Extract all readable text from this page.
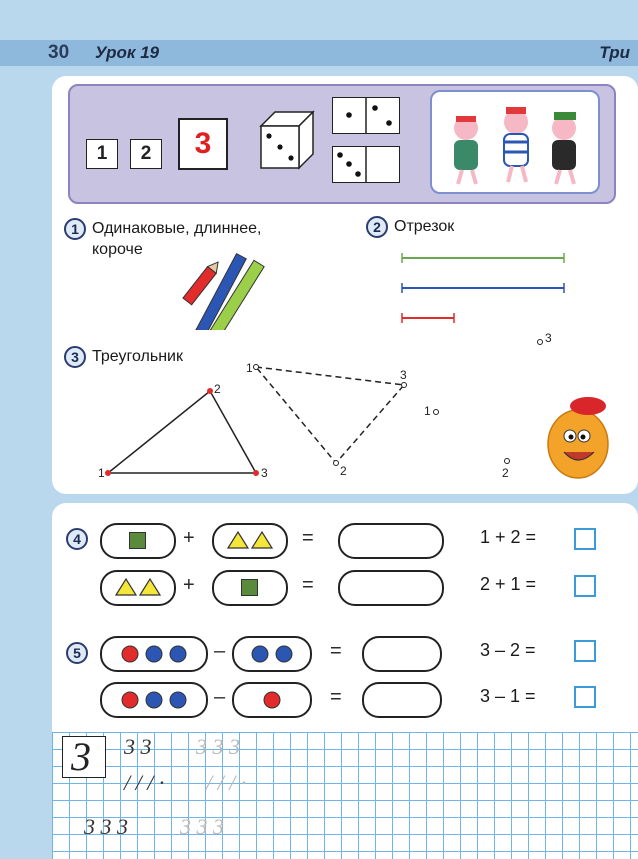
30 Урок 19	Три
1	2	3
1 Одинаковые, длиннее, короче
2 Отрезок
3 Треугольник
1
2
3
1
2
3
1
2
3
4	+	=	1 + 2 =
+	=	2 + 1 =
5	–	=	3 – 2 =
–	=	3 – 1 =
3 3 3 3 3 3
/ / / · / / / ·
3 3 3 3 3 3
